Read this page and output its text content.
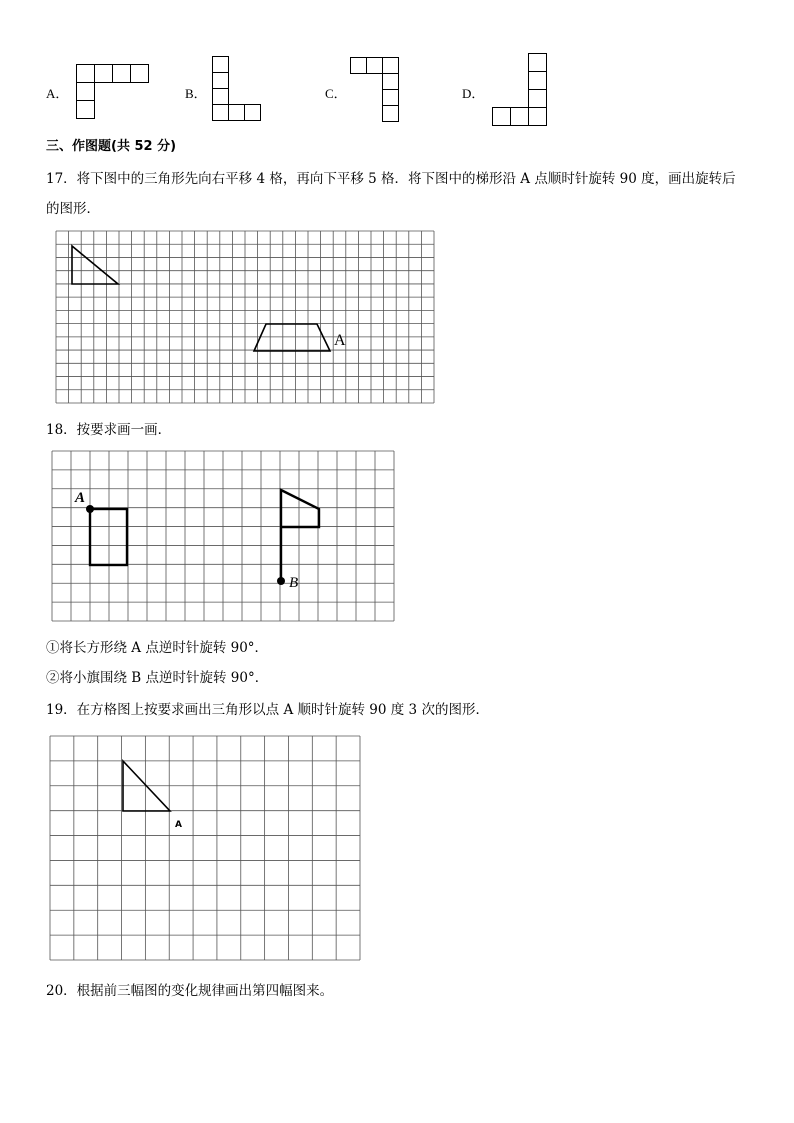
A．	B．	C．	D．
三、作图题(共 52 分)
17．将下图中的三角形先向右平移 4 格，再向下平移 5 格．将下图中的梯形沿 A 点顺时针旋转 90 度，画出旋转后
的图形．
A
18．按要求画一画．
A
B
①将长方形绕 A 点逆时针旋转 90°．
②将小旗围绕 B 点逆时针旋转 90°．
19．在方格图上按要求画出三角形以点 A 顺时针旋转 90 度 3 次的图形．
A
20．根据前三幅图的变化规律画出第四幅图来。
